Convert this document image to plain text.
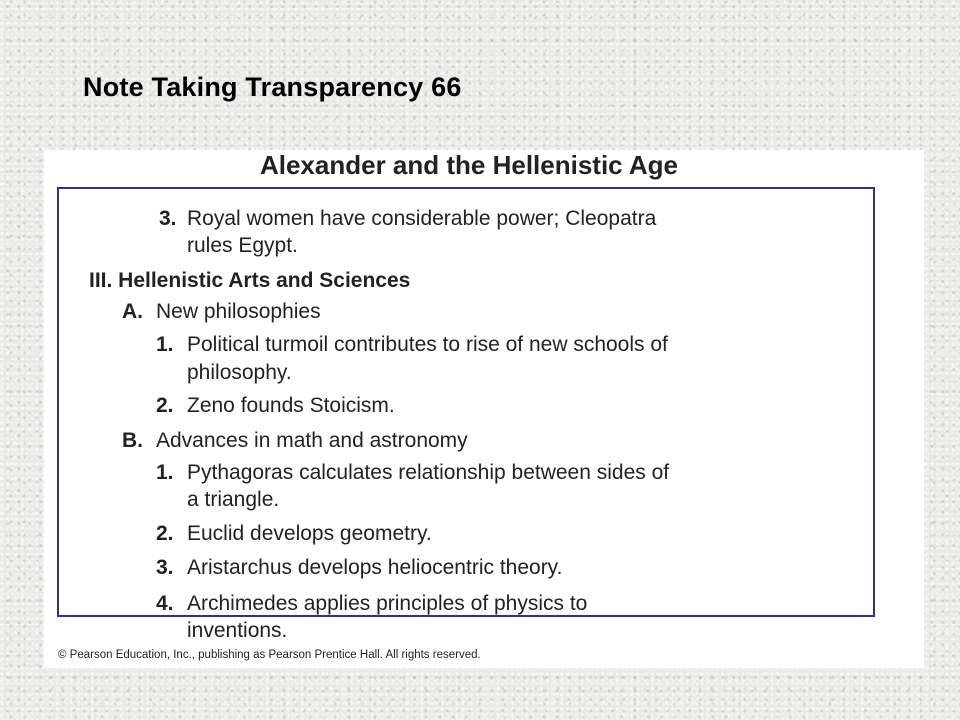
Note Taking Transparency 66
Alexander and the Hellenistic Age
3. Royal women have considerable power; Cleopatra
rules Egypt.
III. Hellenistic Arts and Sciences
A. New philosophies
1. Political turmoil contributes to rise of new schools of
philosophy.
2. Zeno founds Stoicism.
B. Advances in math and astronomy
1. Pythagoras calculates relationship between sides of
a triangle.
2. Euclid develops geometry.
3. Aristarchus develops heliocentric theory.
4. Archimedes applies principles of physics to
inventions.
© Pearson Education, Inc., publishing as Pearson Prentice Hall. All rights reserved.
